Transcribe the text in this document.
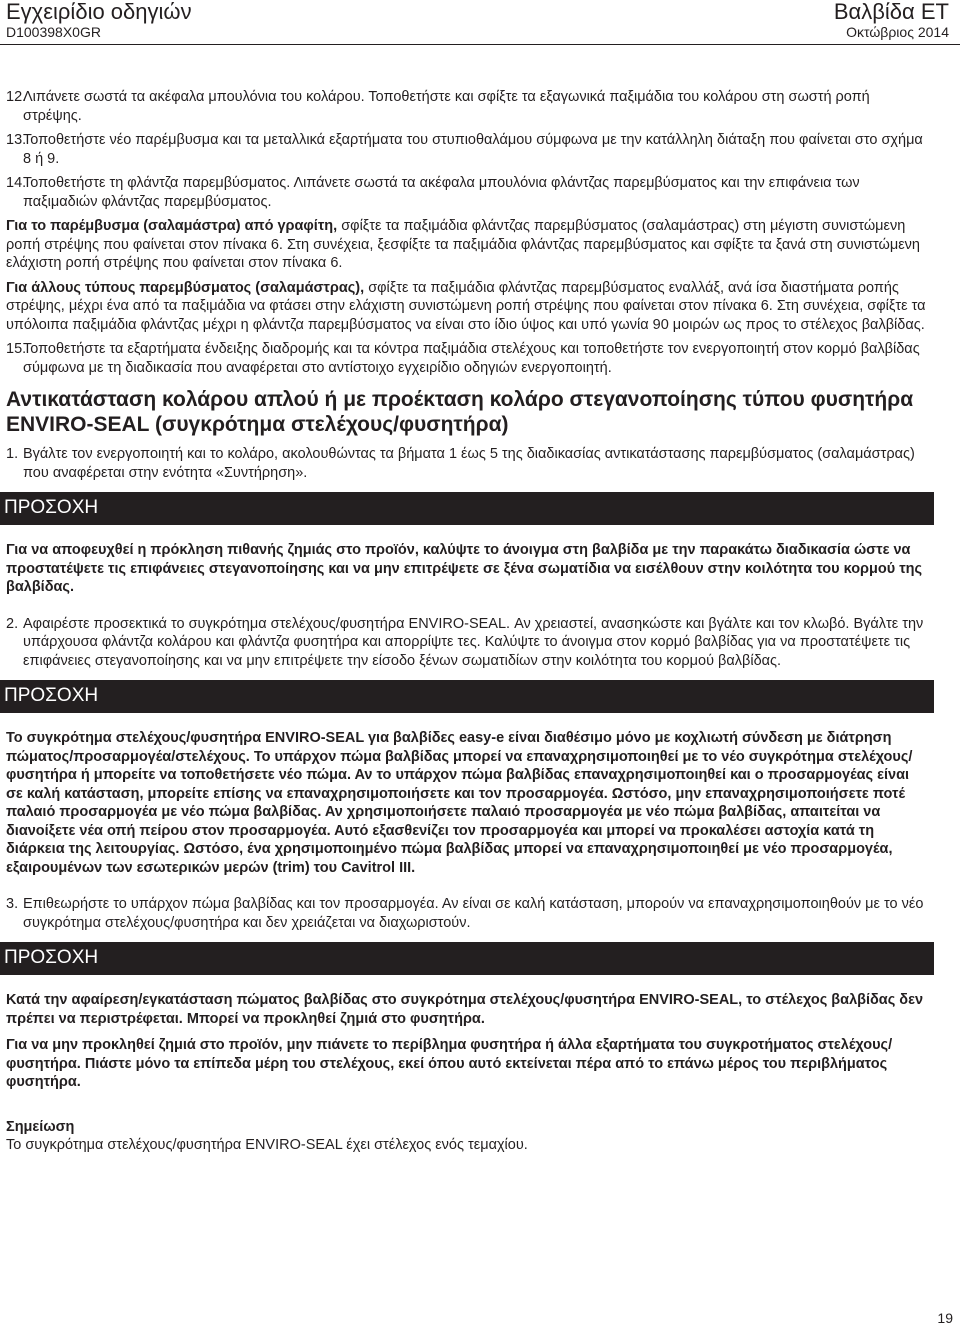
Εγχειρίδιο οδηγιών
D100398X0GR
Βαλβίδα ET
Οκτώβριος 2014
12.
Λιπάνετε σωστά τα ακέφαλα μπουλόνια του κολάρου. Τοποθετήστε και σφίξτε τα εξαγωνικά παξιμάδια του κολάρου στη σωστή ροπή στρέψης.
13.
Τοποθετήστε νέο παρέμβυσμα και τα μεταλλικά εξαρτήματα του στυπιοθαλάμου σύμφωνα με την κατάλληλη διάταξη που φαίνεται στο σχήμα 8 ή 9.
14.
Τοποθετήστε τη φλάντζα παρεμβύσματος. Λιπάνετε σωστά τα ακέφαλα μπουλόνια φλάντζας παρεμβύσματος και την επιφάνεια των παξιμαδιών φλάντζας παρεμβύσματος.
Για το παρέμβυσμα (σαλαμάστρα) από γραφίτη, σφίξτε τα παξιμάδια φλάντζας παρεμβύσματος (σαλαμάστρας) στη μέγιστη συνιστώμενη ροπή στρέψης που φαίνεται στον πίνακα 6. Στη συνέχεια, ξεσφίξτε τα παξιμάδια φλάντζας παρεμβύσματος και σφίξτε τα ξανά στη συνιστώμενη ελάχιστη ροπή στρέψης που φαίνεται στον πίνακα 6.
Για άλλους τύπους παρεμβύσματος (σαλαμάστρας), σφίξτε τα παξιμάδια φλάντζας παρεμβύσματος εναλλάξ, ανά ίσα διαστήματα ροπής στρέψης, μέχρι ένα από τα παξιμάδια να φτάσει στην ελάχιστη συνιστώμενη ροπή στρέψης που φαίνεται στον πίνακα 6. Στη συνέχεια, σφίξτε τα υπόλοιπα παξιμάδια φλάντζας μέχρι η φλάντζα παρεμβύσματος να είναι στο ίδιο ύψος και υπό γωνία 90 μοιρών ως προς το στέλεχος βαλβίδας.
15.
Τοποθετήστε τα εξαρτήματα ένδειξης διαδρομής και τα κόντρα παξιμάδια στελέχους και τοποθετήστε τον ενεργοποιητή στον κορμό βαλβίδας σύμφωνα με τη διαδικασία που αναφέρεται στο αντίστοιχο εγχειρίδιο οδηγιών ενεργοποιητή.
Αντικατάσταση κολάρου απλού ή με προέκταση κολάρο στεγανοποίησης τύπου φυσητήρα ENVIRO-SEAL (συγκρότημα στελέχους/φυσητήρα)
1. Βγάλτε τον ενεργοποιητή και το κολάρο, ακολουθώντας τα βήματα 1 έως 5 της διαδικασίας αντικατάστασης παρεμβύσματος (σαλαμάστρας) που αναφέρεται στην ενότητα «Συντήρηση».
ΠΡΟΣΟΧΗ
Για να αποφευχθεί η πρόκληση πιθανής ζημιάς στο προϊόν, καλύψτε το άνοιγμα στη βαλβίδα με την παρακάτω διαδικασία ώστε να προστατέψετε τις επιφάνειες στεγανοποίησης και να μην επιτρέψετε σε ξένα σωματίδια να εισέλθουν στην κοιλότητα του κορμού της βαλβίδας.
2. Αφαιρέστε προσεκτικά το συγκρότημα στελέχους/φυσητήρα ENVIRO-SEAL. Αν χρειαστεί, ανασηκώστε και βγάλτε και τον κλωβό. Βγάλτε την υπάρχουσα φλάντζα κολάρου και φλάντζα φυσητήρα και απορρίψτε τες. Καλύψτε το άνοιγμα στον κορμό βαλβίδας για να προστατέψετε τις επιφάνειες στεγανοποίησης και να μην επιτρέψετε την είσοδο ξένων σωματιδίων στην κοιλότητα του κορμού βαλβίδας.
ΠΡΟΣΟΧΗ
Το συγκρότημα στελέχους/φυσητήρα ENVIRO-SEAL για βαλβίδες easy-e είναι διαθέσιμο μόνο με κοχλιωτή σύνδεση με διάτρηση πώματος/προσαρμογέα/στελέχους. Το υπάρχον πώμα βαλβίδας μπορεί να επαναχρησιμοποιηθεί με το νέο συγκρότημα στελέχους/φυσητήρα ή μπορείτε να τοποθετήσετε νέο πώμα. Αν το υπάρχον πώμα βαλβίδας επαναχρησιμοποιηθεί και ο προσαρμογέας είναι σε καλή κατάσταση, μπορείτε επίσης να επαναχρησιμοποιήσετε και τον προσαρμογέα. Ωστόσο, μην επαναχρησιμοποιήσετε ποτέ παλαιό προσαρμογέα με νέο πώμα βαλβίδας. Αν χρησιμοποιήσετε παλαιό προσαρμογέα με νέο πώμα βαλβίδας, απαιτείται να διανοίξετε νέα οπή πείρου στον προσαρμογέα. Αυτό εξασθενίζει τον προσαρμογέα και μπορεί να προκαλέσει αστοχία κατά τη διάρκεια της λειτουργίας. Ωστόσο, ένα χρησιμοποιημένο πώμα βαλβίδας μπορεί να επαναχρησιμοποιηθεί με νέο προσαρμογέα, εξαιρουμένων των εσωτερικών μερών (trim) του Cavitrol III.
3. Επιθεωρήστε το υπάρχον πώμα βαλβίδας και τον προσαρμογέα. Αν είναι σε καλή κατάσταση, μπορούν να επαναχρησιμοποιηθούν με το νέο συγκρότημα στελέχους/φυσητήρα και δεν χρειάζεται να διαχωριστούν.
ΠΡΟΣΟΧΗ
Κατά την αφαίρεση/εγκατάσταση πώματος βαλβίδας στο συγκρότημα στελέχους/φυσητήρα ENVIRO-SEAL, το στέλεχος βαλβίδας δεν πρέπει να περιστρέφεται. Μπορεί να προκληθεί ζημιά στο φυσητήρα.
Για να μην προκληθεί ζημιά στο προϊόν, μην πιάνετε το περίβλημα φυσητήρα ή άλλα εξαρτήματα του συγκροτήματος στελέχους/φυσητήρα. Πιάστε μόνο τα επίπεδα μέρη του στελέχους, εκεί όπου αυτό εκτείνεται πέρα από το επάνω μέρος του περιβλήματος φυσητήρα.
Σημείωση
Το συγκρότημα στελέχους/φυσητήρα ENVIRO-SEAL έχει στέλεχος ενός τεμαχίου.
19
